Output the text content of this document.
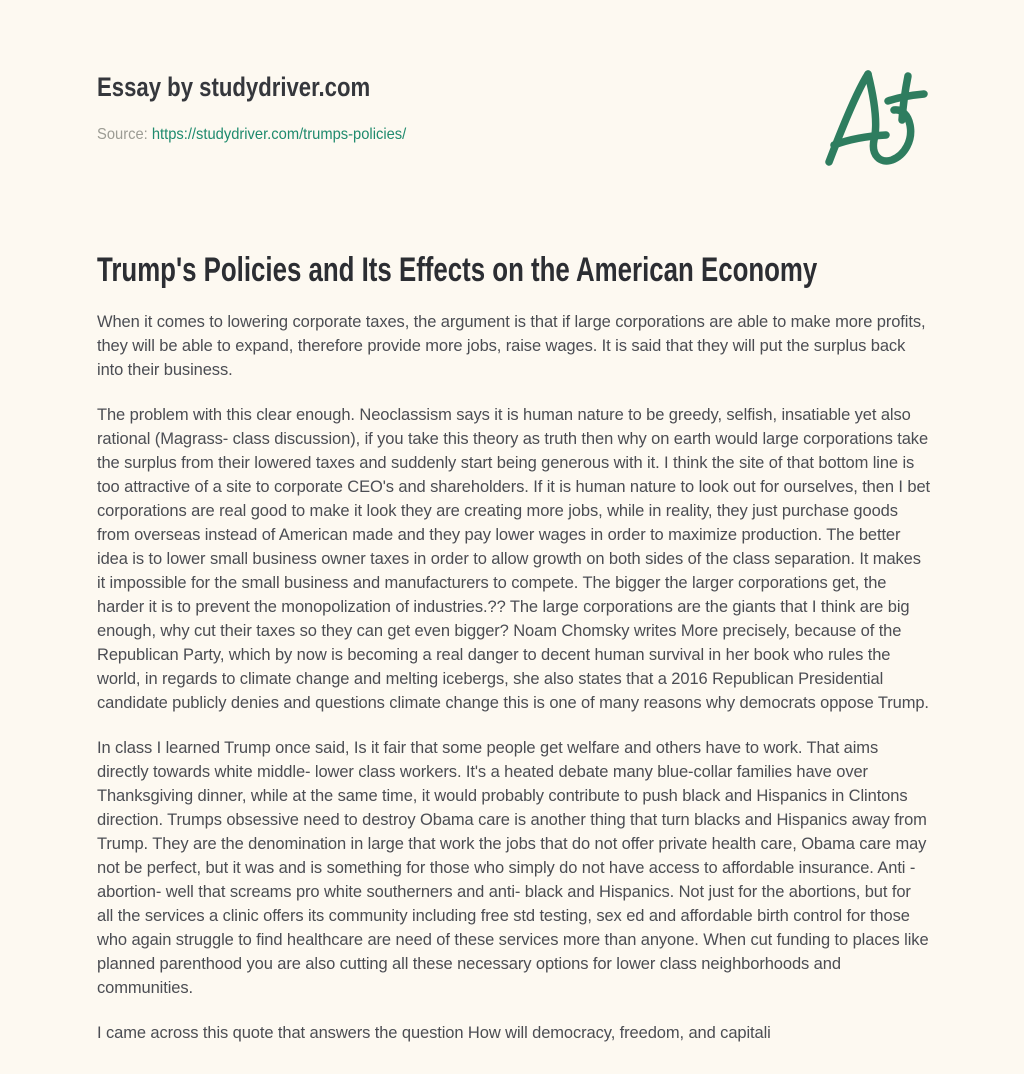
Essay by studydriver.com
Source: https://studydriver.com/trumps-policies/
Trump's Policies and Its Effects on the American Economy

When it comes to lowering corporate taxes, the argument is that if large corporations are able to make more profits, they will be able to expand, therefore provide more jobs, raise wages. It is said that they will put the surplus back into their business.

The problem with this clear enough. Neoclassism says it is human nature to be greedy, selfish, insatiable yet also rational (Magrass- class discussion), if you take this theory as truth then why on earth would large corporations take the surplus from their lowered taxes and suddenly start being generous with it. I think the site of that bottom line is too attractive of a site to corporate CEO's and shareholders. If it is human nature to look out for ourselves, then I bet corporations are real good to make it look they are creating more jobs, while in reality, they just purchase goods from overseas instead of American made and they pay lower wages in order to maximize production. The better idea is to lower small business owner taxes in order to allow growth on both sides of the class separation. It makes it impossible for the small business and manufacturers to compete. The bigger the larger corporations get, the harder it is to prevent the monopolization of industries.?? The large corporations are the giants that I think are big enough, why cut their taxes so they can get even bigger? Noam Chomsky writes More precisely, because of the Republican Party, which by now is becoming a real danger to decent human survival in her book who rules the world, in regards to climate change and melting icebergs, she also states that a 2016 Republican Presidential candidate publicly denies and questions climate change this is one of many reasons why democrats oppose Trump.

In class I learned Trump once said, Is it fair that some people get welfare and others have to work. That aims directly towards white middle- lower class workers. It's a heated debate many blue-collar families have over Thanksgiving dinner, while at the same time, it would probably contribute to push black and Hispanics in Clintons direction. Trumps obsessive need to destroy Obama care is another thing that turn blacks and Hispanics away from Trump. They are the denomination in large that work the jobs that do not offer private health care, Obama care may not be perfect, but it was and is something for those who simply do not have access to affordable insurance. Anti -abortion- well that screams pro white southerners and anti- black and Hispanics. Not just for the abortions, but for all the services a clinic offers its community including free std testing, sex ed and affordable birth control for those who again struggle to find healthcare are need of these services more than anyone. When cut funding to places like planned parenthood you are also cutting all these necessary options for lower class neighborhoods and communities.

I came across this quote that answers the question How will democracy, freedom, and capitali
